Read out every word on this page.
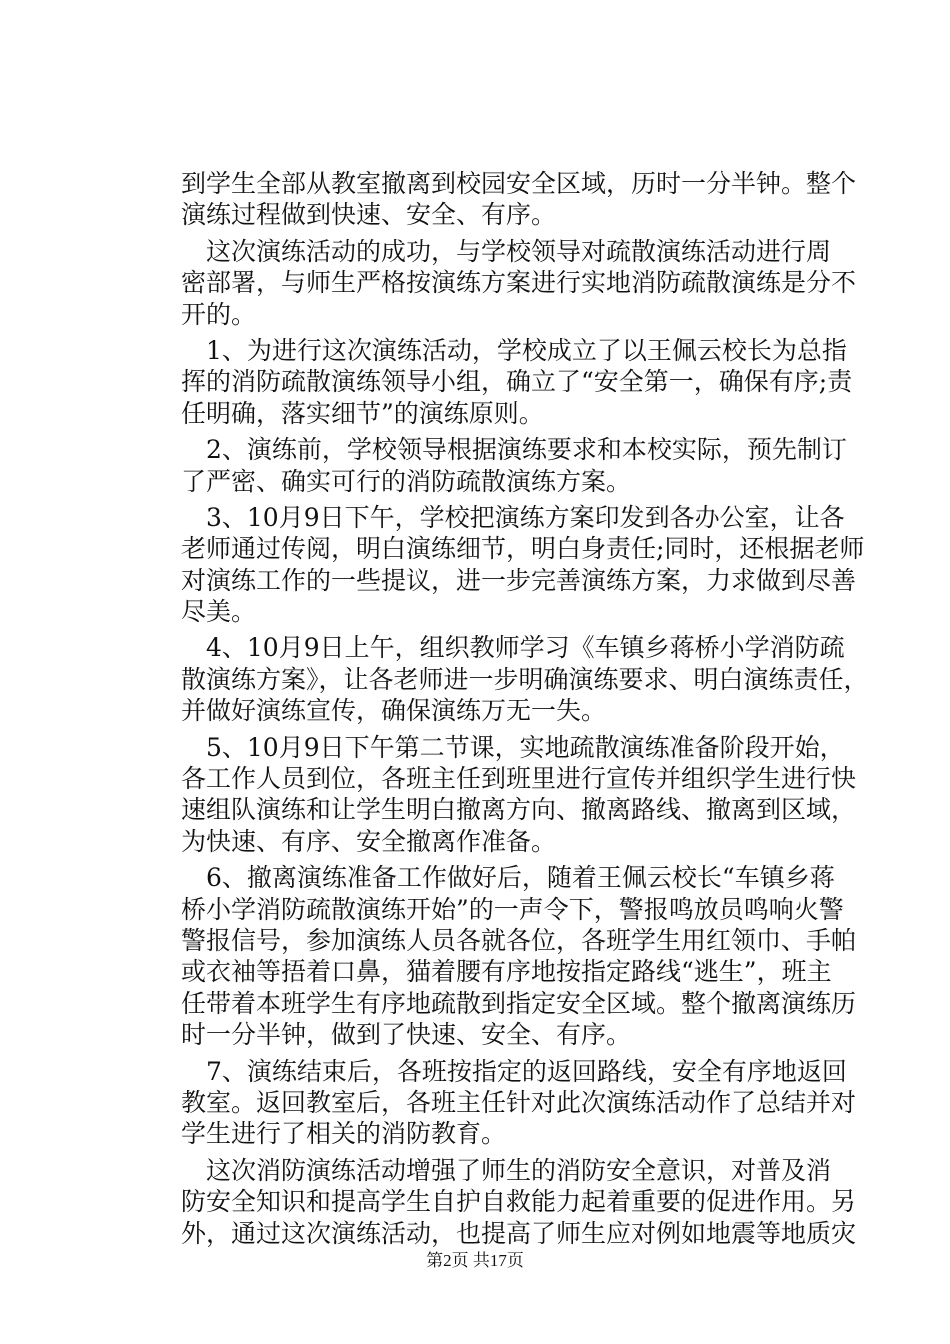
到学生全部从教室撤离到校园安全区域，历时一分半钟。整个
演练过程做到快速、安全、有序。
　这次演练活动的成功，与学校领导对疏散演练活动进行周
密部署，与师生严格按演练方案进行实地消防疏散演练是分不
开的。
　1、为进行这次演练活动，学校成立了以王佩云校长为总指
挥的消防疏散演练领导小组，确立了“安全第一，确保有序;责
任明确，落实细节”的演练原则。
　2、演练前，学校领导根据演练要求和本校实际，预先制订
了严密、确实可行的消防疏散演练方案。
　3、10月9日下午，学校把演练方案印发到各办公室，让各
老师通过传阅，明白演练细节，明白身责任;同时，还根据老师
对演练工作的一些提议，进一步完善演练方案，力求做到尽善
尽美。
　4、10月9日上午，组织教师学习《车镇乡蒋桥小学消防疏
散演练方案》，让各老师进一步明确演练要求、明白演练责任，
并做好演练宣传，确保演练万无一失。
　5、10月9日下午第二节课，实地疏散演练准备阶段开始，
各工作人员到位，各班主任到班里进行宣传并组织学生进行快
速组队演练和让学生明白撤离方向、撤离路线、撤离到区域，
为快速、有序、安全撤离作准备。
　6、撤离演练准备工作做好后，随着王佩云校长“车镇乡蒋
桥小学消防疏散演练开始”的一声令下，警报鸣放员鸣响火警
警报信号，参加演练人员各就各位，各班学生用红领巾、手帕
或衣袖等捂着口鼻，猫着腰有序地按指定路线“逃生”，班主
任带着本班学生有序地疏散到指定安全区域。整个撤离演练历
时一分半钟，做到了快速、安全、有序。
　7、演练结束后，各班按指定的返回路线，安全有序地返回
教室。返回教室后，各班主任针对此次演练活动作了总结并对
学生进行了相关的消防教育。
　这次消防演练活动增强了师生的消防安全意识，对普及消
防安全知识和提高学生自护自救能力起着重要的促进作用。另
外，通过这次演练活动，也提高了师生应对例如地震等地质灾
第2页 共17页
